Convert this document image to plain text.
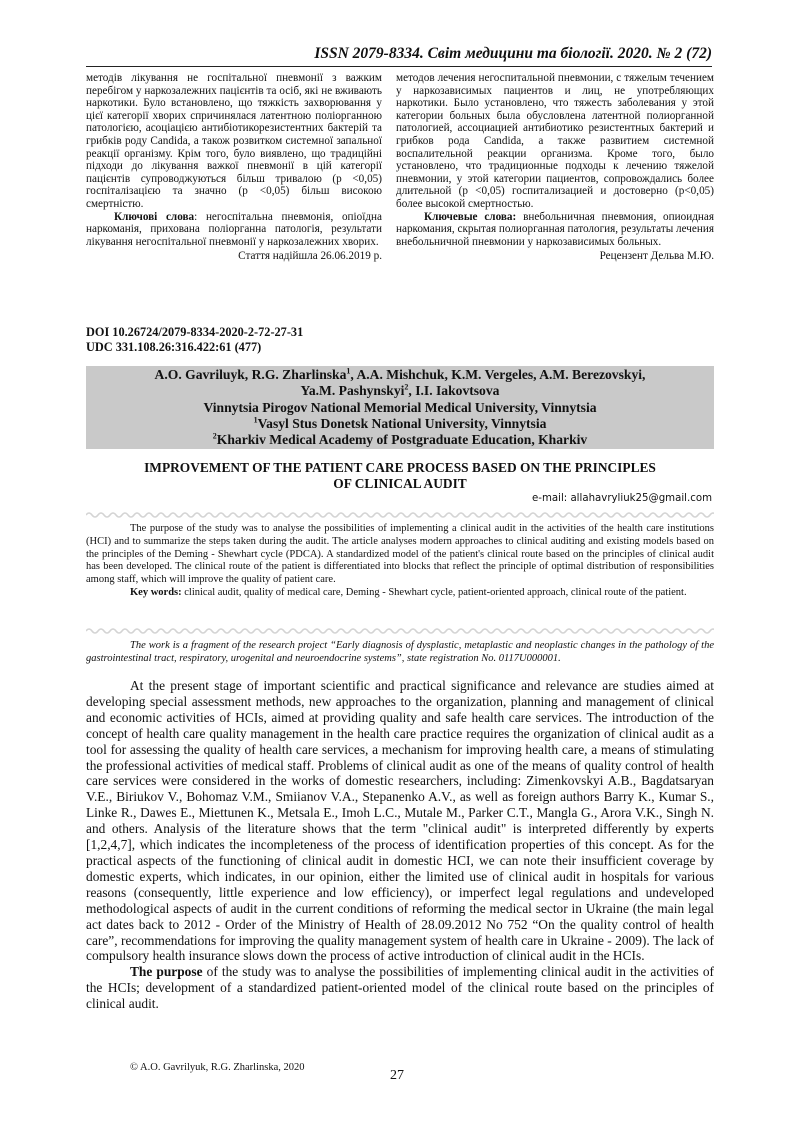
ISSN 2079-8334. Світ медицини та біології. 2020. № 2 (72)

методів лікування не госпітальної пневмонії з важким перебігом у наркозалежних пацієнтів та осіб, які не вживають наркотики. Було встановлено, що тяжкість захворювання у цієї категорії хворих спричинялася латентною поліорганною патологією, асоціацією антибіотикорезистентних бактерій та грибків роду Candida, а також розвитком системної запальної реакції організму. Крім того, було виявлено, що традиційні підходи до лікування важкої пневмонії в цій категорії пацієнтів супроводжуються більш тривалою (р <0,05) госпіталізацією та значно (р <0,05) більш високою смертністю.

Ключові слова: негоспітальна пневмонія, опіоїдна наркоманія, прихована поліорганна патологія, результати лікування негоспітальної пневмонії у наркозалежних хворих.

Стаття надійшла 26.06.2019 р.

методов лечения негоспитальной пневмонии, с тяжелым течением у наркозависимых пациентов и лиц, не употребляющих наркотики. Было установлено, что тяжесть заболевания у этой категории больных была обусловлена латентной полиорганной патологией, ассоциацией антибиотико резистентных бактерий и грибков рода Candida, а также развитием системной воспалительной реакции организма. Кроме того, было установлено, что традиционные подходы к лечению тяжелой пневмонии, у этой категории пациентов, сопровождались более длительной (р <0,05) госпитализацией и достоверно (р<0,05) более высокой смертностью.

Ключевые слова: внебольничная пневмония, опиоидная наркомания, скрытая полиорганная патология, результаты лечения внебольничной пневмонии у наркозависимых больных.

Рецензент Дельва М.Ю.

DOI 10.26724/2079-8334-2020-2-72-27-31
UDC 331.108.26:316.422:61 (477)
A.O. Gavriluyk, R.G. Zharlinska$^1$, A.A. Mishchuk, K.M. Vergeles, A.M. Berezovskyi,
Ya.M. Pashynskyi$^2$, I.I. Iakovtsova
Vinnytsia Pirogov National Memorial Medical University, Vinnytsia
$^1$Vasyl Stus Donetsk National University, Vinnytsia
$^2$Kharkiv Medical Academy of Postgraduate Education, Kharkiv
IMPROVEMENT OF THE PATIENT CARE PROCESS BASED ON THE PRINCIPLES
OF CLINICAL AUDIT
e-mail: allahavryliuk25@gmail.com

The purpose of the study was to analyse the possibilities of implementing a clinical audit in the activities of the health care institutions (HCI) and to summarize the steps taken during the audit. The article analyses modern approaches to clinical auditing and existing models based on the principles of the Deming - Shewhart cycle (PDCA). A standardized model of the patient's clinical route based on the principles of clinical audit has been developed. The clinical route of the patient is differentiated into blocks that reflect the principle of optimal distribution of responsibilities among staff, which will improve the quality of patient care.

Key words: clinical audit, quality of medical care, Deming - Shewhart cycle, patient-oriented approach, clinical route of the patient.

The work is a fragment of the research project “Early diagnosis of dysplastic, metaplastic and neoplastic changes in the pathology of the gastrointestinal tract, respiratory, urogenital and neuroendocrine systems”, state registration No. 0117U000001.

At the present stage of important scientific and practical significance and relevance are studies aimed at developing special assessment methods, new approaches to the organization, planning and management of clinical and economic activities of HCIs, aimed at providing quality and safe health care services. The introduction of the concept of health care quality management in the health care practice requires the organization of clinical audit as a tool for assessing the quality of health care services, a mechanism for improving health care, a means of stimulating the professional activities of medical staff. Problems of clinical audit as one of the means of quality control of health care services were considered in the works of domestic researchers, including: Zimenkovskyi A.B., Bagdatsaryan V.E., Biriukov V., Bohomaz V.M., Smiianov V.A., Stepanenko A.V., as well as foreign authors Barry K., Kumar S., Linke R., Dawes E., Miettunen K., Metsala E., Imoh L.C., Mutale M., Parker C.T., Mangla G., Arora V.K., Singh N. and others. Analysis of the literature shows that the term "clinical audit" is interpreted differently by experts [1,2,4,7], which indicates the incompleteness of the process of identification properties of this concept. As for the practical aspects of the functioning of clinical audit in domestic HCI, we can note their insufficient coverage by domestic experts, which indicates, in our opinion, either the limited use of clinical audit in hospitals for various reasons (consequently, little experience and low efficiency), or imperfect legal regulations and undeveloped methodological aspects of audit in the current conditions of reforming the medical sector in Ukraine (the main legal act dates back to 2012 - Order of the Ministry of Health of 28.09.2012 No 752 “On the quality control of health care”, recommendations for improving the quality management system of health care in Ukraine - 2009). The lack of compulsory health insurance slows down the process of active introduction of clinical audit in the HCIs.

The purpose of the study was to analyse the possibilities of implementing clinical audit in the activities of the HCIs; development of a standardized patient-oriented model of the clinical route based on the principles of clinical audit.

© A.O. Gavrilyuk, R.G. Zharlinska, 2020
27
